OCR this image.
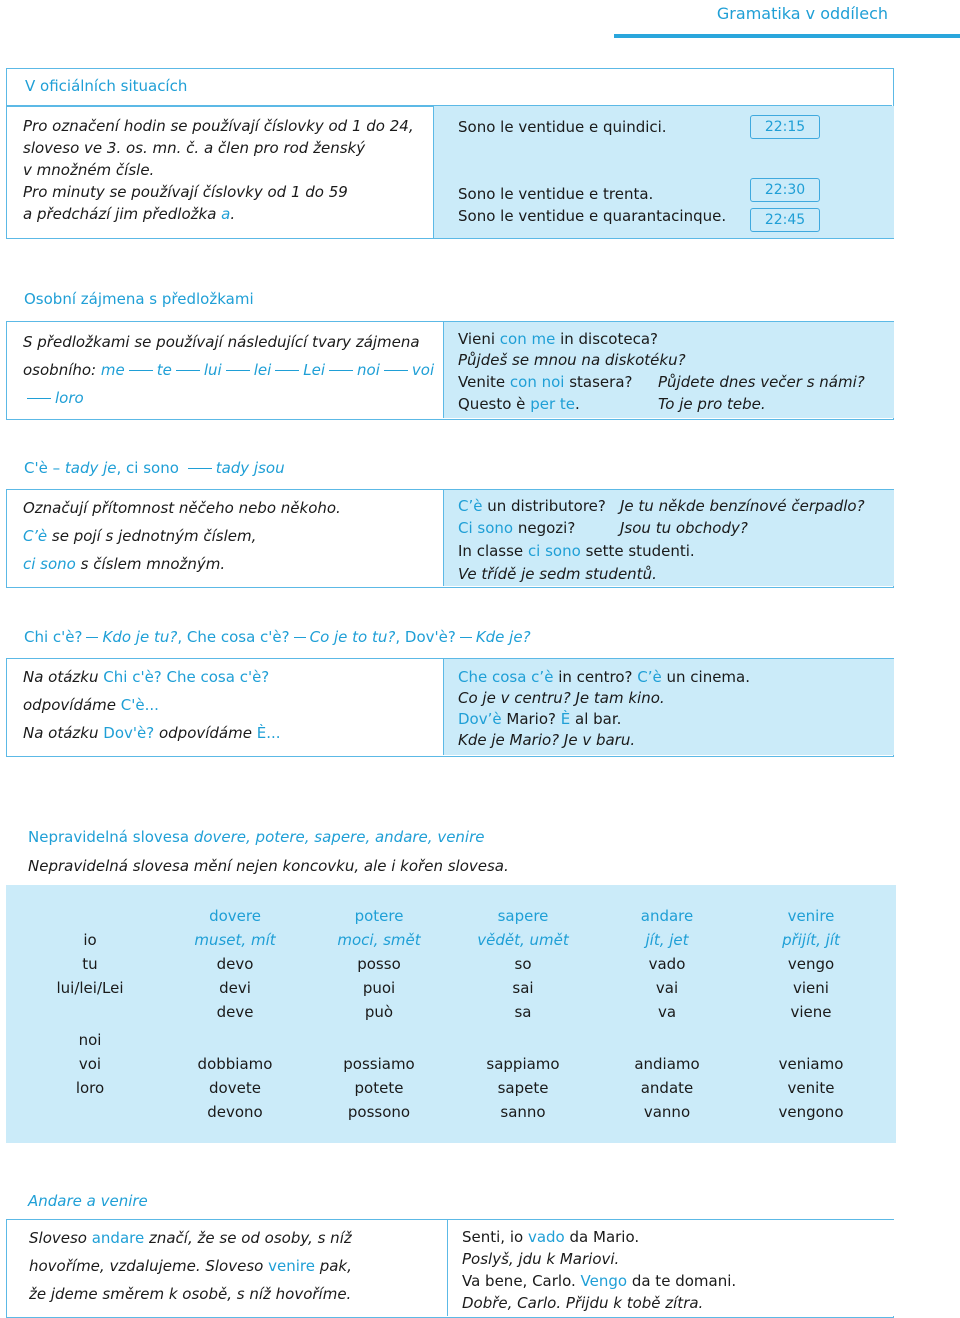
Gramatika v oddílech
V oficiálních situacích
Pro označení hodin se používají číslovky od 1 do 24,
sloveso ve 3. os. mn. č. a člen pro rod ženský
v množném čísle.
Pro minuty se používají číslovky od 1 do 59
a předchází jim předložka a.
Sono le ventidue e quindici.
Sono le ventidue e trenta.
Sono le ventidue e quarantacinque.
22:15
22:30
22:45
Osobní zájmena s předložkami
S předložkami se používají následující tvary zájmena
osobního: me te lui lei Lei noi voiloro
Vieni con me in discoteca?
Půjdeš se mnou na diskotéku?
Venite con noi stasera? Půjdete dnes večer s námi?
Questo è per te.	To je pro tebe.
C'è – tady je, ci sono tady jsou
Označují přítomnost něčeho nebo někoho.
C’è se pojí s jednotným číslem,
ci sono s číslem množným.
C’è un distributore? Je tu někde benzínové čerpadlo?
Ci sono negozi?	Jsou tu obchody?
In classe ci sono sette studenti.
Ve třídě je sedm studentů.
Chi c'è? Kdo je tu?, Che cosa c'è? Co je to tu?, Dov'è? Kde je?
Na otázku Chi c'è? Che cosa c'è?
odpovídáme C'è...
Na otázku Dov'è? odpovídáme È...
Che cosa c’è in centro? C’è un cinema.
Co je v centru? Je tam kino.
Dov’è Mario? È al bar.
Kde je Mario? Je v baru.
Nepravidelná slovesa dovere, potere, sapere, andare, venire
Nepravidelná slovesa mění nejen koncovku, ale i kořen slovesa.
io
tu
lui/lei/Lei
noi
voi
loro
dovere
muset, mít
devo
devi
deve
dobbiamo
dovete
devono
potere
moci, smět
posso
puoi
può
possiamo
potete
possono
sapere
vědět, umět
so
sai
sa
sappiamo
sapete
sanno
andare
jít, jet
vado
vai
va
andiamo
andate
vanno
venire
přijít, jít
vengo
vieni
viene
veniamo
venite
vengono
Andare a venire
Sloveso andare značí, že se od osoby, s níž
hovoříme, vzdalujeme. Sloveso venire pak,
že jdeme směrem k osobě, s níž hovoříme.
Senti, io vado da Mario.
Poslyš, jdu k Mariovi.
Va bene, Carlo. Vengo da te domani.
Dobře, Carlo. Přijdu k tobě zítra.
